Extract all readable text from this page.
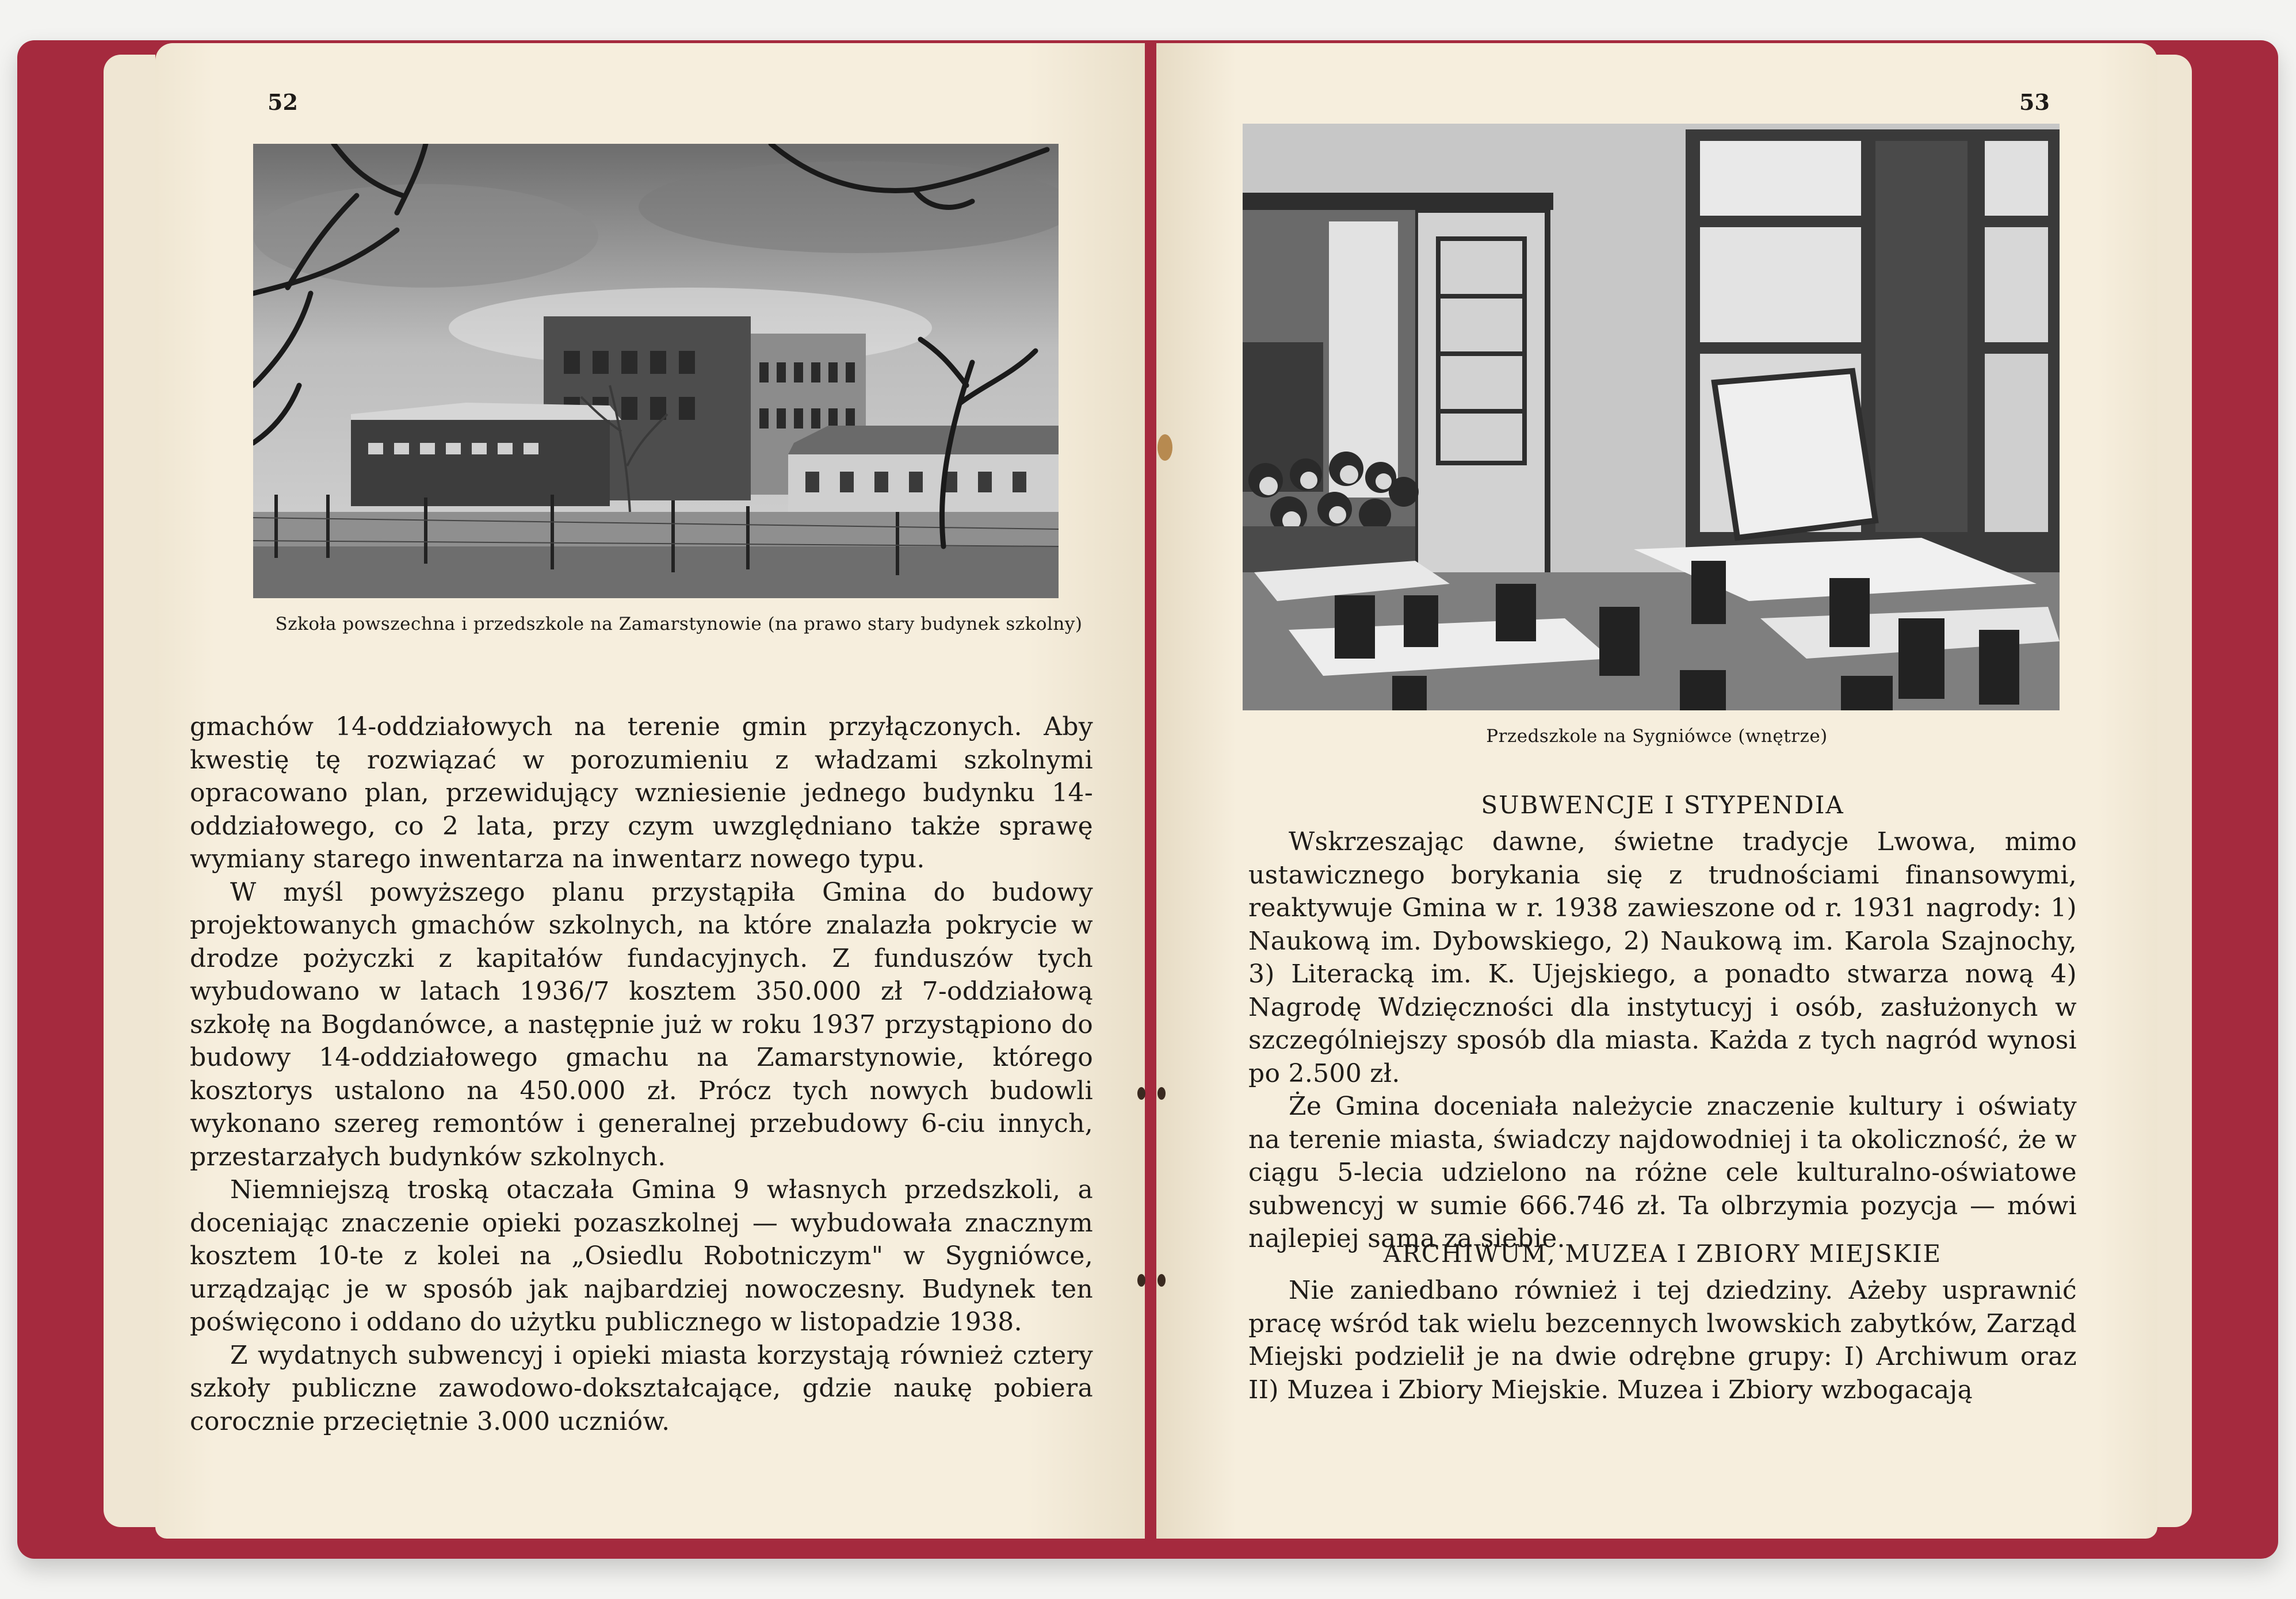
52
Szkoła powszechna i przedszkole na Zamarstynowie (na prawo stary budynek szkolny)

gmachów 14-oddziałowych na terenie gmin przyłączonych. Aby kwestię tę rozwiązać w porozumieniu z władzami szkolnymi opracowano plan, przewidujący wzniesienie jednego budynku 14-oddziałowego, co 2 lata, przy czym uwzględniano także sprawę wymiany starego inwentarza na inwentarz nowego typu.

W myśl powyższego planu przystąpiła Gmina do budowy projektowanych gmachów szkolnych, na które znalazła pokrycie w drodze pożyczki z kapitałów fundacyjnych. Z funduszów tych wybudowano w latach 1936/7 kosztem 350.000 zł 7-oddziałową szkołę na Bogdanówce, a następnie już w roku 1937 przystąpiono do budowy 14-oddziałowego gmachu na Zamarstynowie, którego kosztorys ustalono na 450.000 zł. Prócz tych nowych budowli wykonano szereg remontów i generalnej przebudowy 6-ciu innych, przestarzałych budynków szkolnych.

Niemniejszą troską otaczała Gmina 9 własnych przedszkoli, a doceniając znaczenie opieki pozaszkolnej — wybudowała znacznym kosztem 10-te z kolei na „Osiedlu Robotniczym" w Sygniówce, urządzając je w sposób jak najbardziej nowoczesny. Budynek ten poświęcono i oddano do użytku publicznego w listopadzie 1938.

Z wydatnych subwencyj i opieki miasta korzystają również cztery szkoły publiczne zawodowo-dokształcające, gdzie naukę pobiera corocznie przeciętnie 3.000 uczniów.

53
Przedszkole na Sygniówce (wnętrze)
SUBWENCJE I STYPENDIA

Wskrzeszając dawne, świetne tradycje Lwowa, mimo ustawicznego borykania się z trudnościami finansowymi, reaktywuje Gmina w r. 1938 zawieszone od r. 1931 nagrody: 1) Naukową im. Dybowskiego, 2) Naukową im. Karola Szajnochy, 3) Literacką im. K. Ujejskiego, a ponadto stwarza nową 4) Nagrodę Wdzięczności dla instytucyj i osób, zasłużonych w szczególniejszy sposób dla miasta. Każda z tych nagród wynosi po 2.500 zł.

Że Gmina doceniała należycie znaczenie kultury i oświaty na terenie miasta, świadczy najdowodniej i ta okoliczność, że w ciągu 5-lecia udzielono na różne cele kulturalno-oświatowe subwencyj w sumie 666.746 zł. Ta olbrzymia pozycja — mówi najlepiej sama za siebie.

ARCHIWUM, MUZEA I ZBIORY MIEJSKIE

Nie zaniedbano również i tej dziedziny. Ażeby usprawnić pracę wśród tak wielu bezcennych lwowskich zabytków, Zarząd Miejski podzielił je na dwie odrębne grupy: I) Archiwum oraz II) Muzea i Zbiory Miejskie. Muzea i Zbiory wzbogacają
